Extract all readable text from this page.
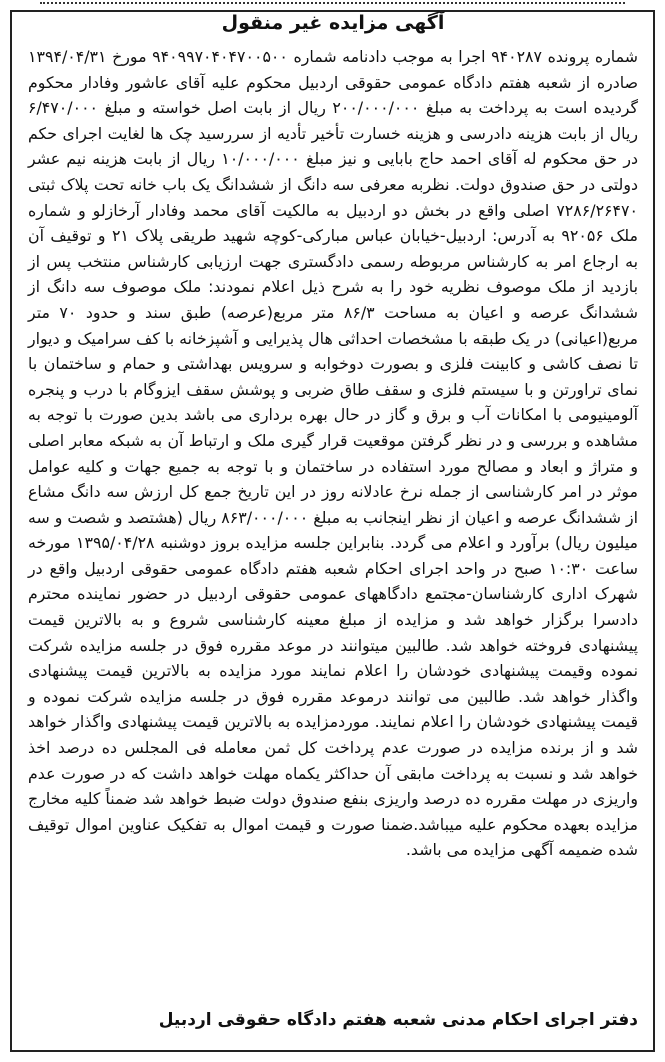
آگهی مزایده غیر منقول
شماره پرونده ۹۴۰۲۸۷ اجرا به موجب دادنامه شماره ۹۴۰۹۹۷۰۴۰۴۷۰۰۵۰۰ مورخ ۱۳۹۴/۰۴/۳۱ صادره از شعبه هفتم دادگاه عمومی حقوقی اردبیل محکوم علیه آقای عاشور وفادار محکوم گردیده است به پرداخت به مبلغ ۲۰۰/۰۰۰/۰۰۰ ریال از بابت اصل خواسته و مبلغ ۶/۴۷۰/۰۰۰ ریال از بابت هزینه دادرسی و هزینه خسارت تأخیر تأدیه از سررسید چک ها لغایت اجرای حکم در حق محکوم له آقای احمد حاج بابایی و نیز مبلغ ۱۰/۰۰۰/۰۰۰ ریال از بابت هزینه نیم عشر دولتی در حق صندوق دولت. نظربه معرفی سه دانگ از ششدانگ یک باب خانه تحت پلاک ثبتی ۷۲۸۶/۲۶۴۷۰ اصلی واقع در بخش دو اردبیل به مالکیت آقای محمد وفادار آرخازلو و شماره ملک ۹۲۰۵۶ به آدرس: اردبیل-خیابان عباس مبارکی-کوچه شهید طریقی پلاک ۲۱ و توقیف آن به ارجاع امر به کارشناس مربوطه رسمی دادگستری جهت ارزیابی کارشناس منتخب پس از بازدید از ملک موصوف نظریه خود را به شرح ذیل اعلام نمودند: ملک موصوف سه دانگ از ششدانگ عرصه و اعیان به مساحت ۸۶/۳ متر مربع(عرصه) طبق سند و حدود ۷۰ متر مربع(اعیانی) در یک طبقه با مشخصات احداثی هال پذیرایی و آشپزخانه با کف سرامیک و دیوار تا نصف کاشی و کابینت فلزی و بصورت دوخوابه و سرویس بهداشتی و حمام و ساختمان با نمای تراورتن و با سیستم فلزی و سقف طاق ضربی و پوشش سقف ایزوگام با درب و پنجره آلومینیومی با امکانات آب و برق و گاز در حال بهره برداری می باشد بدین صورت با توجه به مشاهده و بررسی و در نظر گرفتن موقعیت قرار گیری ملک و ارتباط آن به شبکه معابر اصلی و متراژ و ابعاد و مصالح مورد استفاده در ساختمان و با توجه به جمیع جهات و کلیه عوامل موثر در امر کارشناسی از جمله نرخ عادلانه روز در این تاریخ جمع کل ارزش سه دانگ مشاع از ششدانگ عرصه و اعیان از نظر اینجانب به مبلغ ۸۶۳/۰۰۰/۰۰۰ ریال (هشتصد و شصت و سه میلیون ریال) برآورد و اعلام می گردد. بنابراین جلسه مزایده بروز دوشنبه ۱۳۹۵/۰۴/۲۸ مورخه ساعت ۱۰:۳۰ صبح در واحد اجرای احکام شعبه هفتم دادگاه عمومی حقوقی اردبیل واقع در شهرک اداری کارشناسان-مجتمع دادگاههای عمومی حقوقی اردبیل در حضور نماینده محترم دادسرا برگزار خواهد شد و مزایده از مبلغ معینه کارشناسی شروع و به بالاترین قیمت پیشنهادی فروخته خواهد شد. طالبین میتوانند در موعد مقرره فوق در جلسه مزایده شرکت نموده وقیمت پیشنهادی خودشان را اعلام نمایند مورد مزایده به بالاترین قیمت پیشنهادی واگذار خواهد شد. طالبین می توانند درموعد مقرره فوق در جلسه مزایده شرکت نموده و قیمت پیشنهادی خودشان را اعلام نمایند. موردمزایده به بالاترین قیمت پیشنهادی واگذار خواهد شد و از برنده مزایده در صورت عدم پرداخت کل ثمن معامله فی المجلس ده درصد اخذ خواهد شد و نسبت به پرداخت مابقی آن حداکثر یکماه مهلت خواهد داشت که در صورت عدم واریزی در مهلت مقرره ده درصد واریزی بنفع صندوق دولت ضبط خواهد شد ضمناً کلیه مخارج مزایده بعهده محکوم علیه میباشد.ضمنا صورت و قیمت اموال به تفکیک عناوین اموال توقیف شده ضمیمه آگهی مزایده می باشد.
دفتر اجرای احکام مدنی شعبه هفتم دادگاه حقوقی اردبیل
